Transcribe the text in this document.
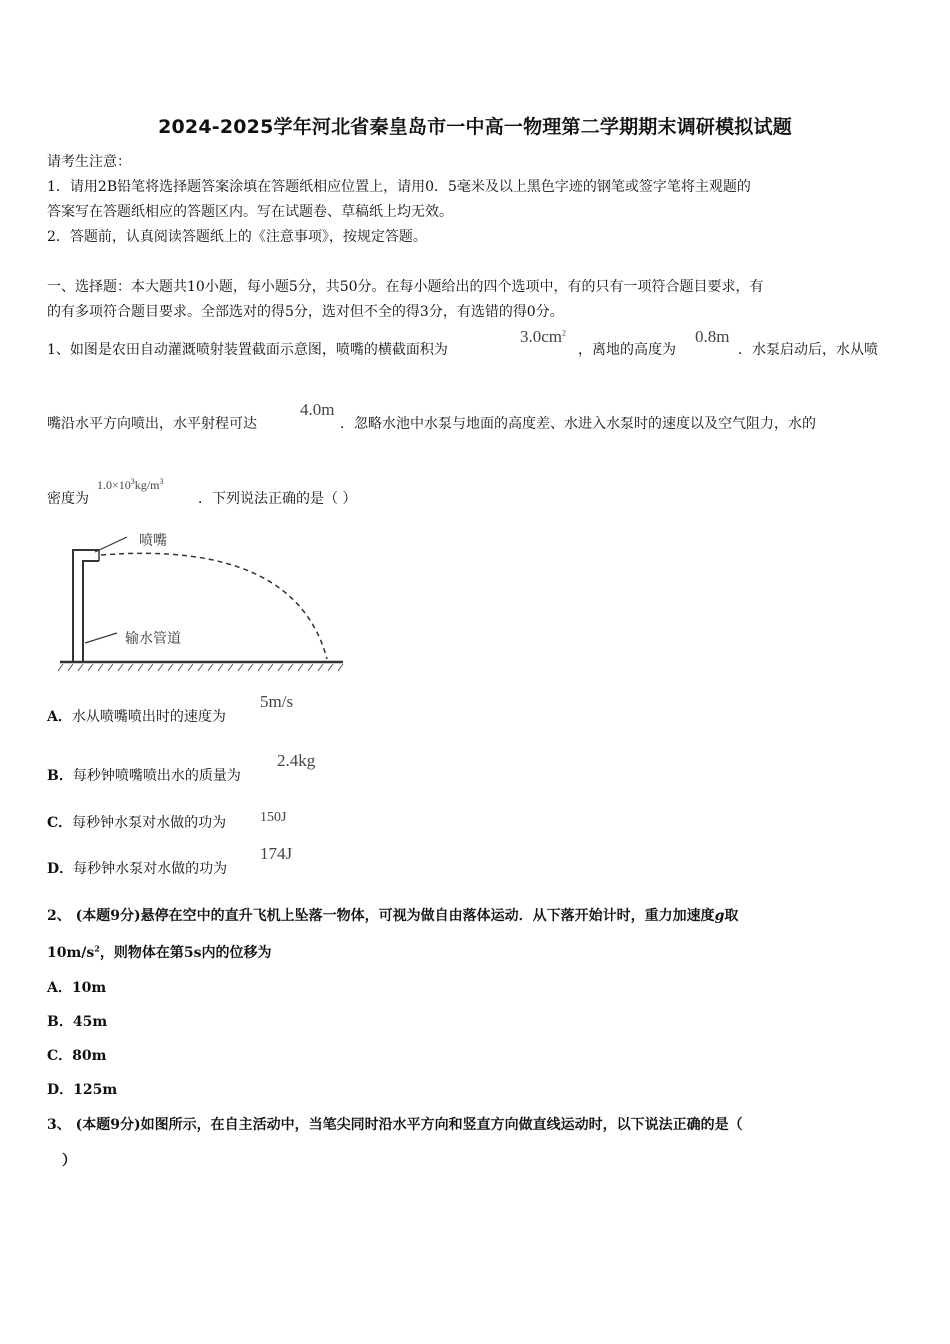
2024-2025学年河北省秦皇岛市一中高一物理第二学期期末调研模拟试题
请考生注意：
1．请用2B铅笔将选择题答案涂填在答题纸相应位置上，请用0．5毫米及以上黑色字迹的钢笔或签字笔将主观题的
答案写在答题纸相应的答题区内。写在试题卷、草稿纸上均无效。
2．答题前，认真阅读答题纸上的《注意事项》，按规定答题。
一、选择题：本大题共10小题，每小题5分，共50分。在每小题给出的四个选项中，有的只有一项符合题目要求，有
的有多项符合题目要求。全部选对的得5分，选对但不全的得3分，有选错的得0分。
1、如图是农田自动灌溉喷射装置截面示意图，喷嘴的横截面积为
$3.0cm^2$
，离地的高度为
0.8m
．水泵启动后，水从喷
嘴沿水平方向喷出，水平射程可达
4.0m
．忽略水池中水泵与地面的高度差、水进入水泵时的速度以及空气阻力，水的
密度为
$1.0\times 10^3kg/m^3$
．下列说法正确的是（ ）
喷嘴
输水管道
A．水从喷嘴喷出时的速度为
5m/s
B．每秒钟喷嘴喷出水的质量为
2.4kg
C．每秒钟水泵对水做的功为 150J
D．每秒钟水泵对水做的功为
174J
2、 (本题9分)悬停在空中的直升飞机上坠落一物体，可视为做自由落体运动．从下落开始计时，重力加速度g取
$10m/s^2$，则物体在第5s内的位移为
A．10m
B．45m
C．80m
D．125m
3、 (本题9分)如图所示，在自主活动中，当笔尖同时沿水平方向和竖直方向做直线运动时，以下说法正确的是（
）
